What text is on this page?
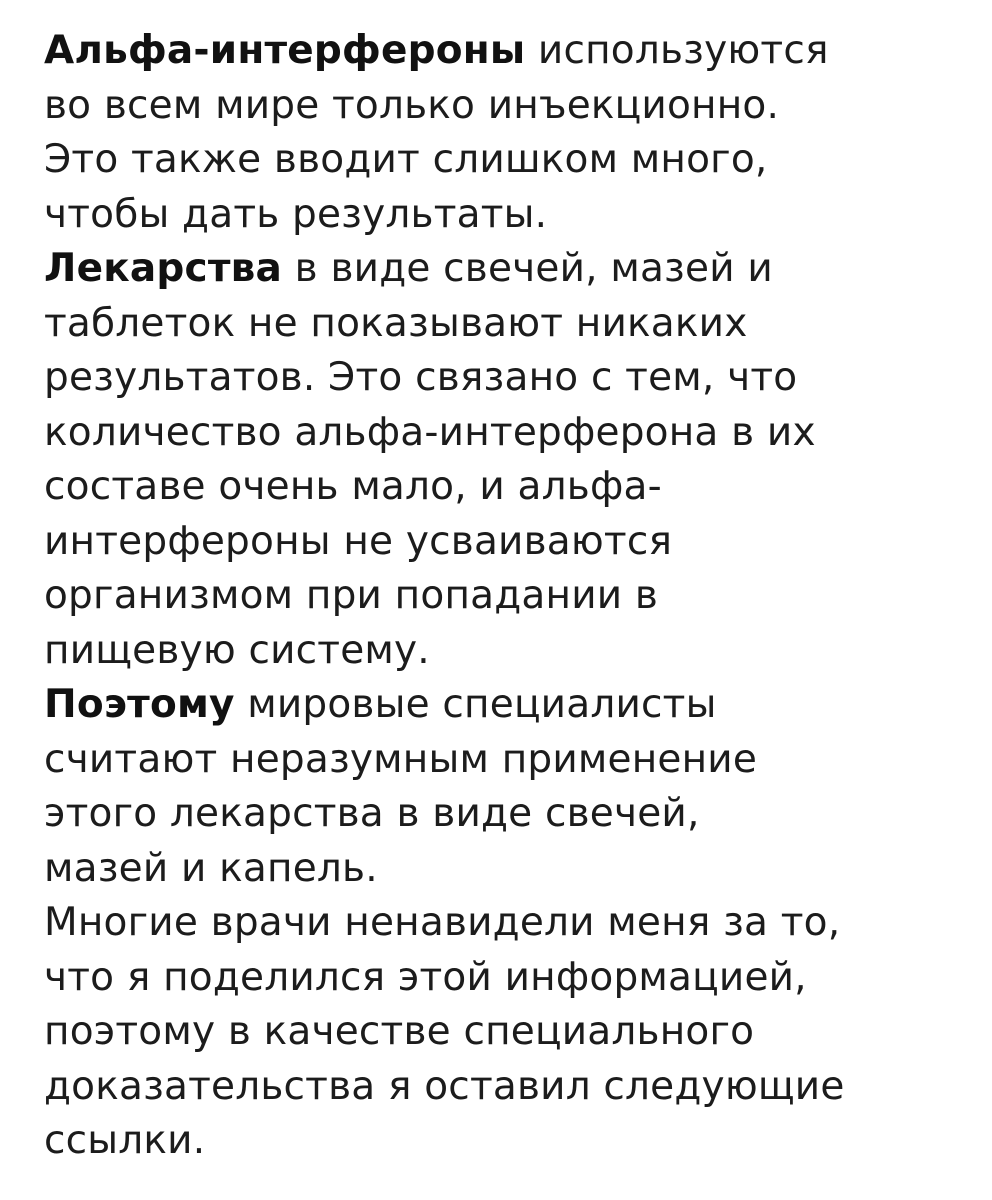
Альфа-интерфероны используются
во всем мире только инъекционно.
Это также вводит слишком много,
чтобы дать результаты.
Лекарства в виде свечей, мазей и
таблеток не показывают никаких
результатов. Это связано с тем, что
количество альфа-интерферона в их
составе очень мало, и альфа-
интерфероны не усваиваются
организмом при попадании в
пищевую систему.
Поэтому мировые специалисты
считают неразумным применение
этого лекарства в виде свечей,
мазей и капель.
Многие врачи ненавидели меня за то,
что я поделился этой информацией,
поэтому в качестве специального
доказательства я оставил следующие
ссылки.
